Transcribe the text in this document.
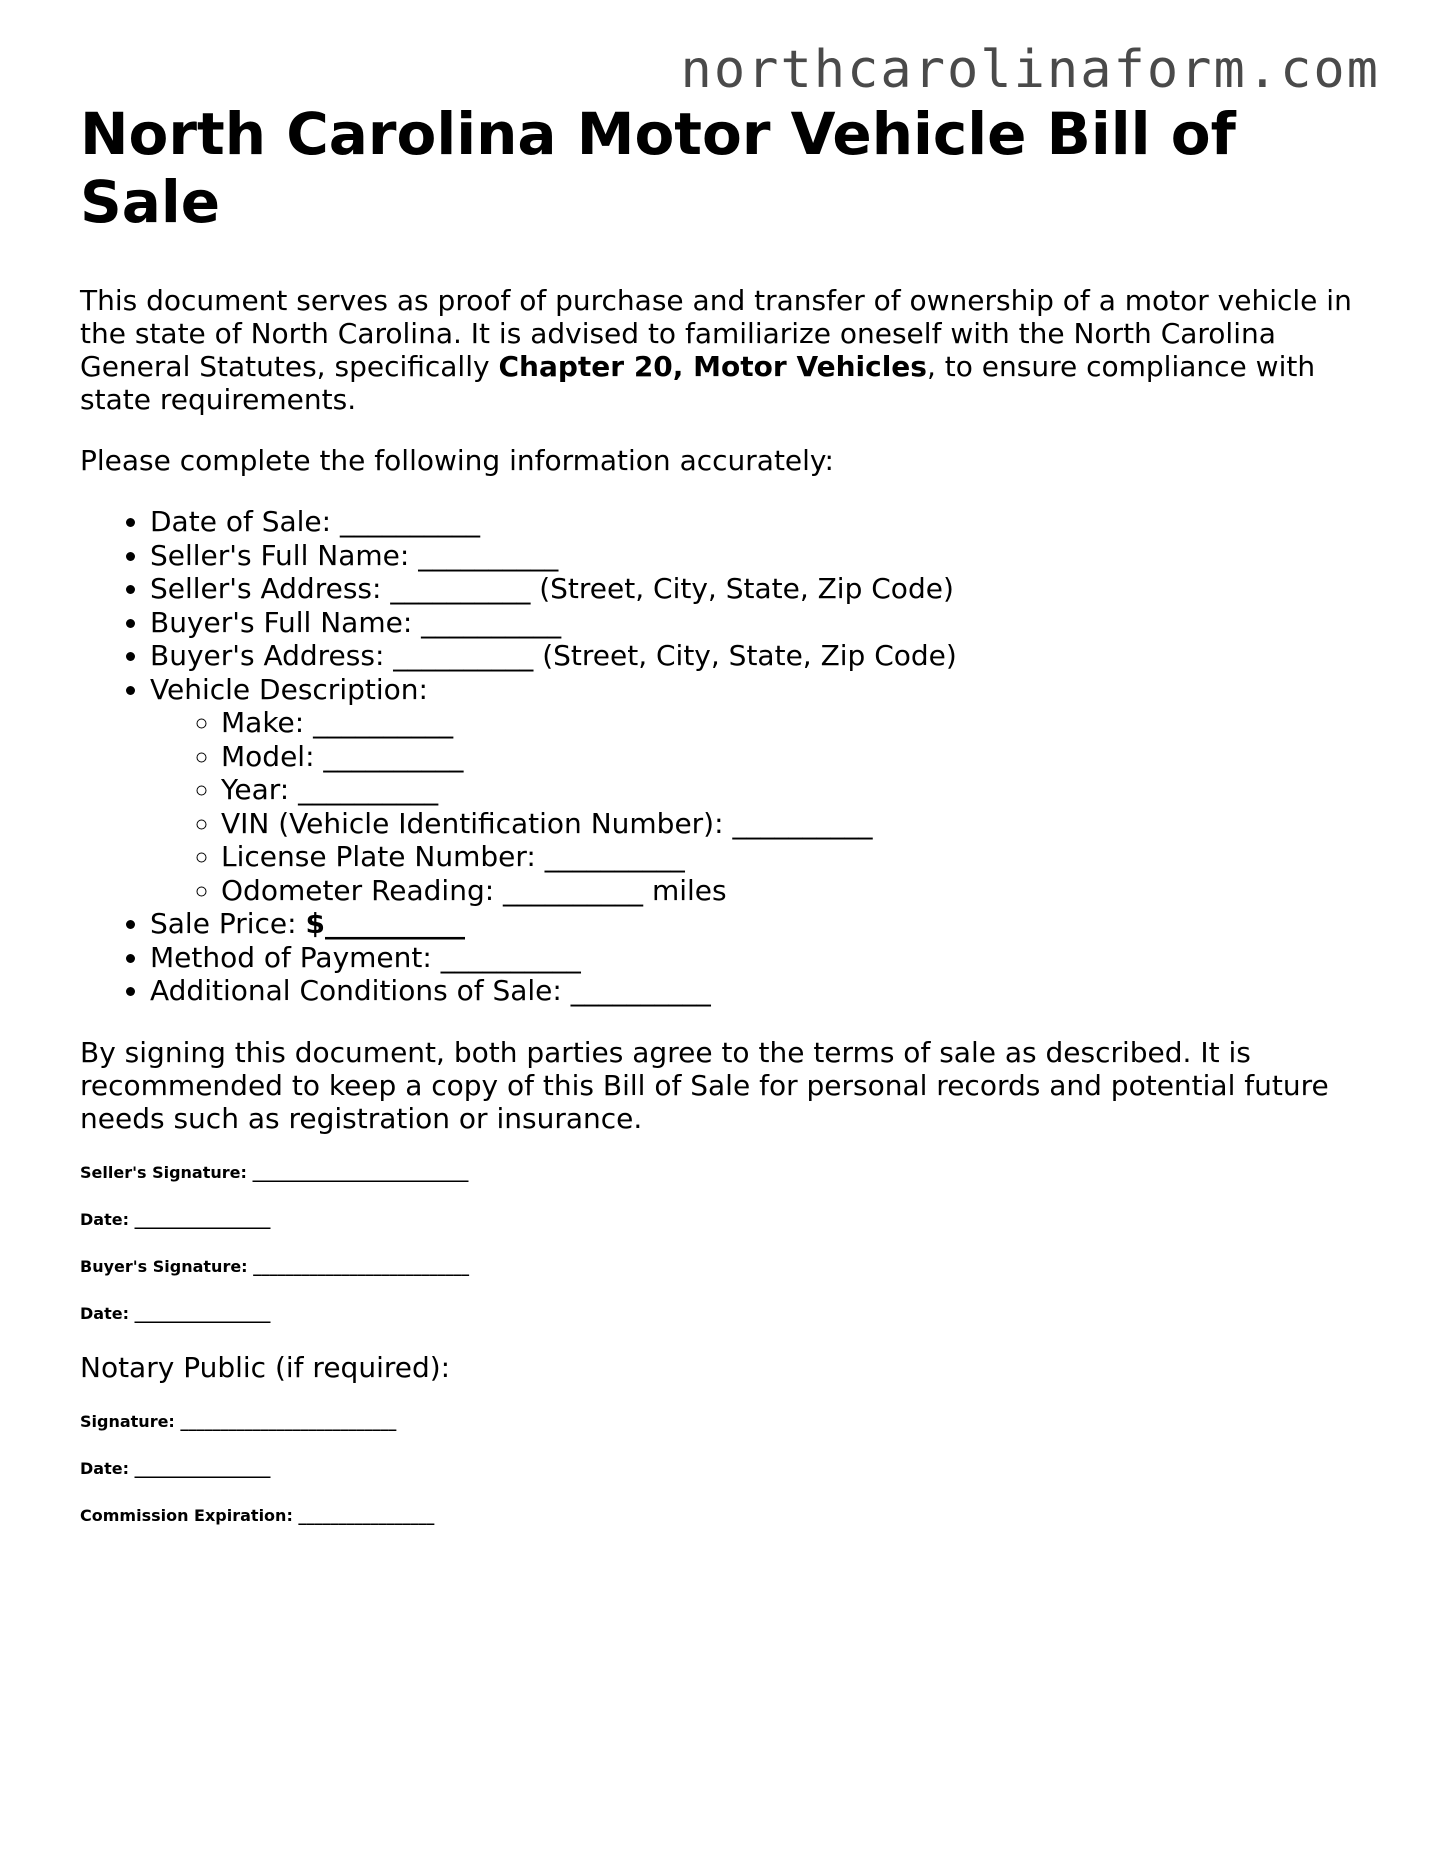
northcarolinaform.com
North Carolina Motor Vehicle Bill of Sale

This document serves as proof of purchase and transfer of ownership of a motor vehicle in the state of North Carolina. It is advised to familiarize oneself with the North Carolina General Statutes, specifically Chapter 20, Motor Vehicles, to ensure compliance with state requirements.

Please complete the following information accurately:

• Date of Sale: __________
• Seller's Full Name: __________
• Seller's Address: __________ (Street, City, State, Zip Code)
• Buyer's Full Name: __________
• Buyer's Address: __________ (Street, City, State, Zip Code)
• Vehicle Description:
◦ Make: __________
◦ Model: __________
◦ Year: __________
◦ VIN (Vehicle Identification Number): __________
◦ License Plate Number: __________
◦ Odometer Reading: __________ miles
• Sale Price: $__________
• Method of Payment: __________
• Additional Conditions of Sale: __________

By signing this document, both parties agree to the terms of sale as described. It is recommended to keep a copy of this Bill of Sale for personal records and potential future needs such as registration or insurance.

Seller's Signature: ___________________________
Date: _________________
Buyer's Signature: ___________________________
Date: _________________

Notary Public (if required):

Signature: ___________________________
Date: _________________
Commission Expiration: _________________
